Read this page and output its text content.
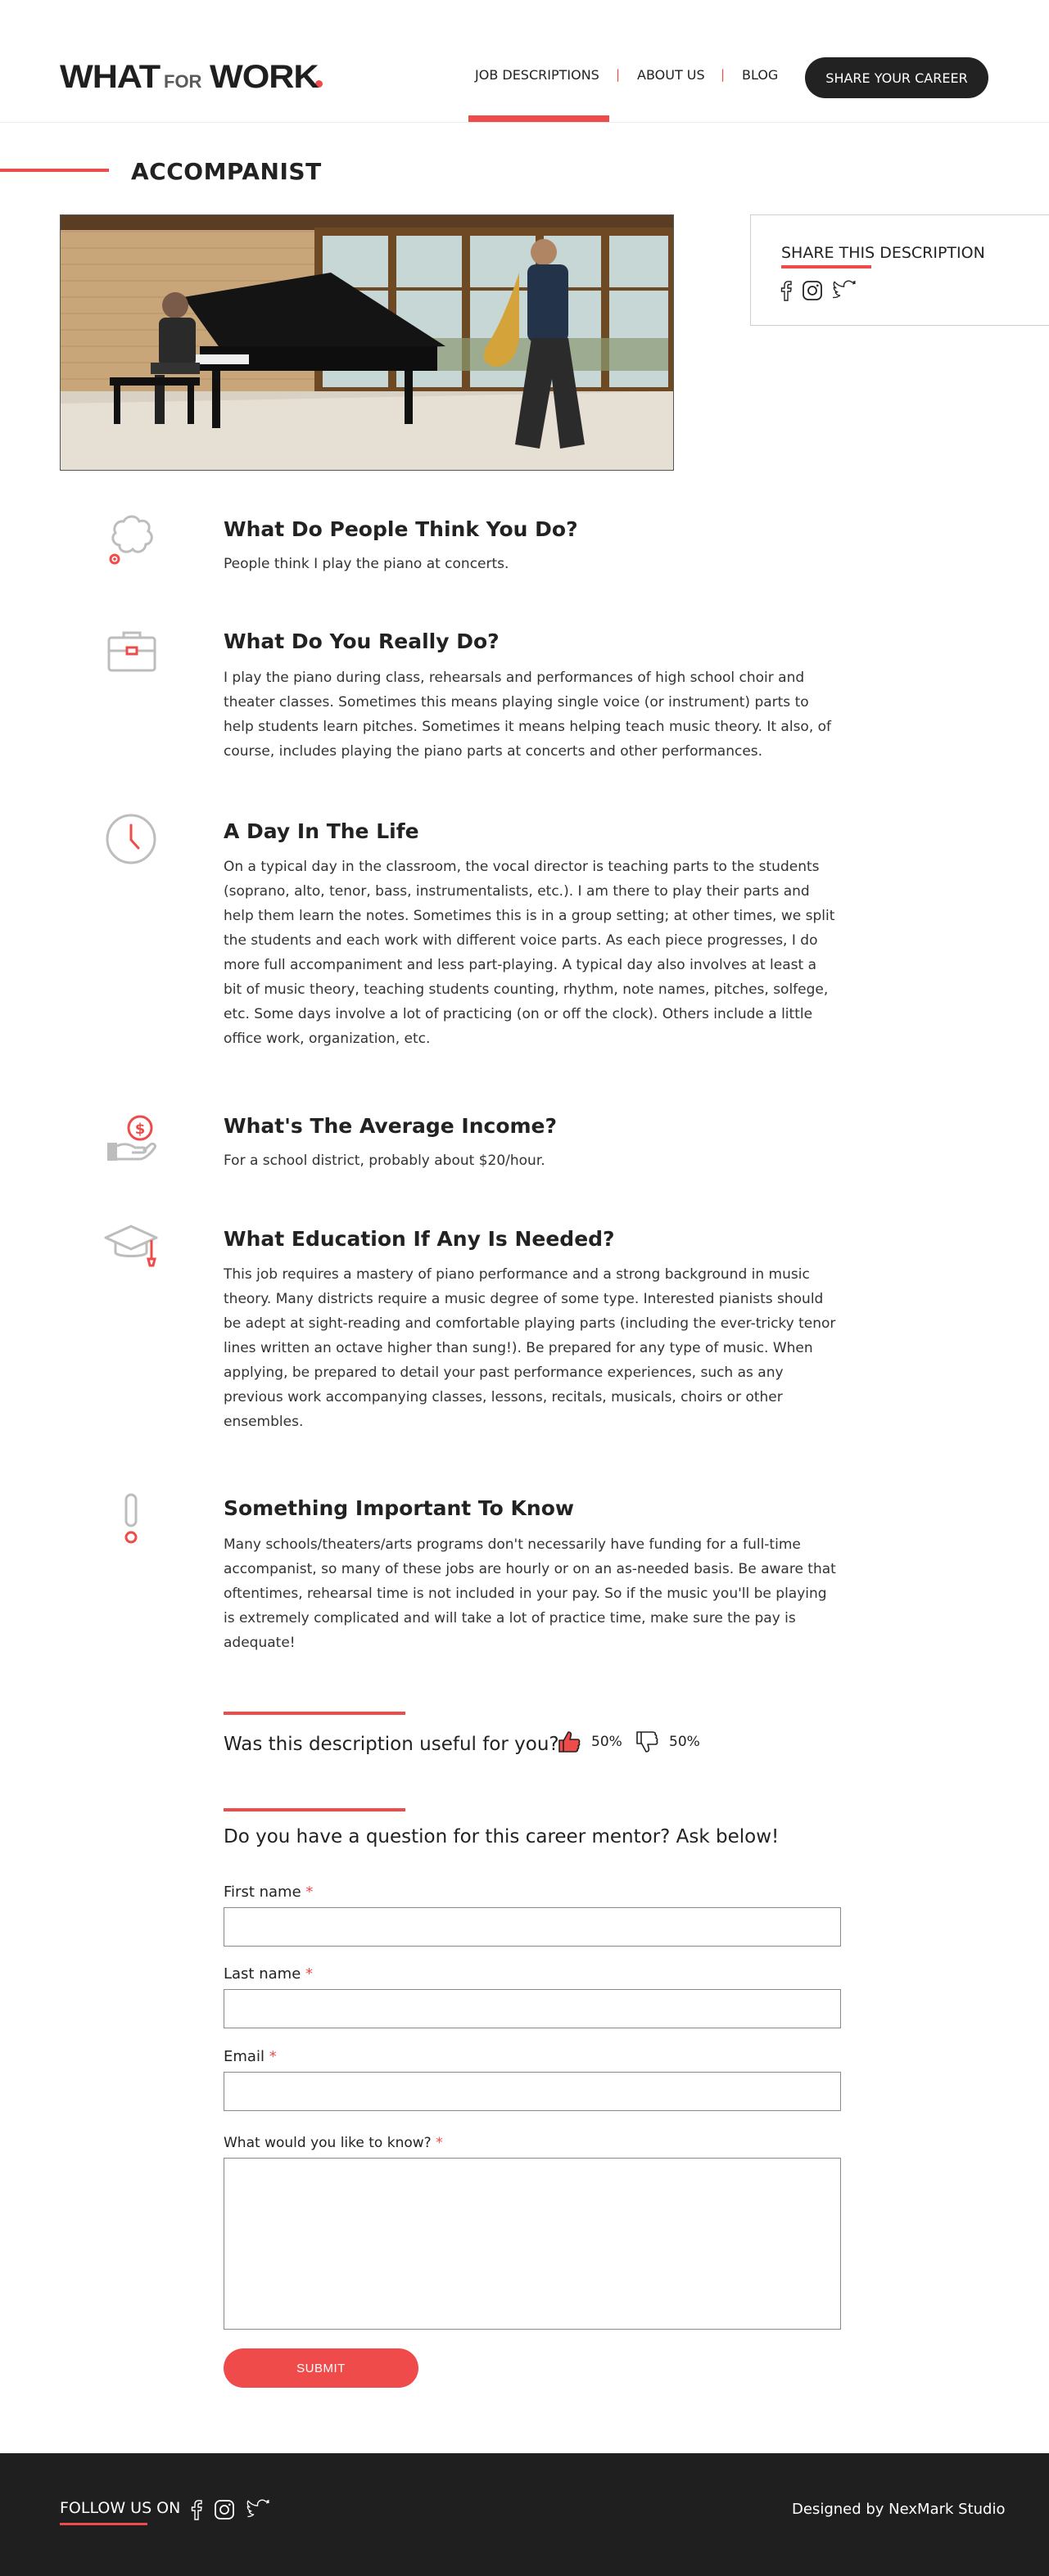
WHAT FOR WORK	JOB DESCRIPTIONS | ABOUT US | BLOG	SHARE YOUR CAREER
ACCOMPANIST
SHARE THIS DESCRIPTION
What Do People Think You Do?

People think I play the piano at concerts.

What Do You Really Do?

I play the piano during class, rehearsals and performances of high school choir and theater classes. Sometimes this means playing single voice (or instrument) parts to help students learn pitches. Sometimes it means helping teach music theory. It also, of course, includes playing the piano parts at concerts and other performances.

A Day In The Life

On a typical day in the classroom, the vocal director is teaching parts to the students (soprano, alto, tenor, bass, instrumentalists, etc.). I am there to play their parts and help them learn the notes. Sometimes this is in a group setting; at other times, we split the students and each work with different voice parts. As each piece progresses, I do more full accompaniment and less part-playing. A typical day also involves at least a bit of music theory, teaching students counting, rhythm, note names, pitches, solfege, etc. Some days involve a lot of practicing (on or off the clock). Others include a little office work, organization, etc.

$	What's The Average Income?

For a school district, probably about $20/hour.

What Education If Any Is Needed?

This job requires a mastery of piano performance and a strong background in music theory. Many districts require a music degree of some type. Interested pianists should be adept at sight-reading and comfortable playing parts (including the ever-tricky tenor lines written an octave higher than sung!). Be prepared for any type of music. When applying, be prepared to detail your past performance experiences, such as any previous work accompanying classes, lessons, recitals, musicals, choirs or other ensembles.

Something Important To Know

Many schools/theaters/arts programs don't necessarily have funding for a full-time accompanist, so many of these jobs are hourly or on an as-needed basis. Be aware that oftentimes, rehearsal time is not included in your pay. So if the music you'll be playing is extremely complicated and will take a lot of practice time, make sure the pay is adequate!

Was this description useful for you? 50%	50%
Do you have a question for this career mentor? Ask below!
First name *
Last name *
Email *
What would you like to know? *
SUBMIT
FOLLOW US ON	Designed by NexMark Studio
